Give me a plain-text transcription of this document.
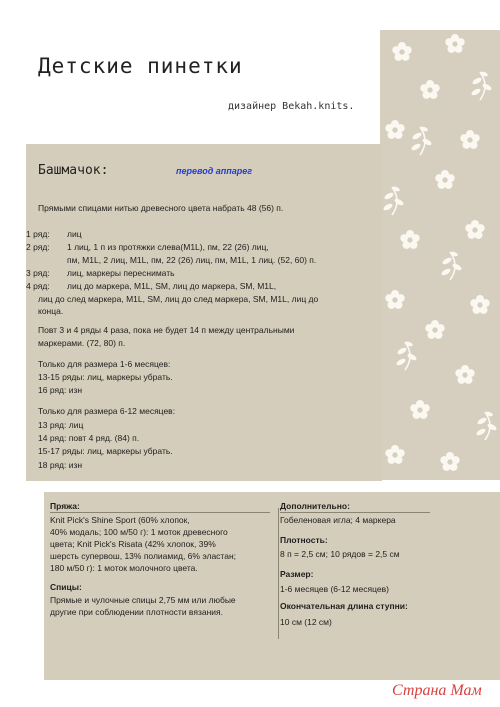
Детские пинетки
дизайнер Bekah.knits.
Башмачок:	перевод аппарег
Прямыми спицами нитью древесного цвета набрать 48 (56) п.
1 ряд: лиц
2 ряд: 1 лиц, 1 п из протяжки слева(M1L), пм, 22 (26) лиц,
пм, M1L, 2 лиц, M1L, пм, 22 (26) лиц, пм, M1L, 1 лиц. (52, 60) п.
3 ряд: лиц, маркеры переснимать
4 ряд: лиц до маркера, M1L, SM, лиц до маркера, SM, M1L,
лиц до след маркера, M1L, SM, лиц до след маркера, SM, M1L, лиц до
конца.
Повт 3 и 4 ряды 4 раза, пока не будет 14 п между центральными
маркерами. (72, 80) п.
Только для размера 1-6 месяцев:
13-15 ряды: лиц, маркеры убрать.
16 ряд: изн
Только для размера 6-12 месяцев:
13 ряд: лиц
14 ряд: повт 4 ряд. (84) п.
15-17 ряды: лиц, маркеры убрать.
18 ряд: изн
Пряжа:
Knit Pick's Shine Sport (60% хлопок,
40% модаль; 100 м/50 г): 1 моток древесного
цвета; Knit Pick's Risata (42% хлопок, 39%
шерсть супервош, 13% полиамид, 6% эластан;
180 м/50 г): 1 моток молочного цвета.
Спицы:
Прямые и чулочные спицы 2,75 мм или любые
другие при соблюдении плотности вязания.
Дополнительно:
Гобеленовая игла; 4 маркера
Плотность:
8 п = 2,5 см; 10 рядов = 2,5 см
Размер:
1-6 месяцев (6-12 месяцев)
Окончательная длина ступни:
10 см (12 см)
Страна Мам
